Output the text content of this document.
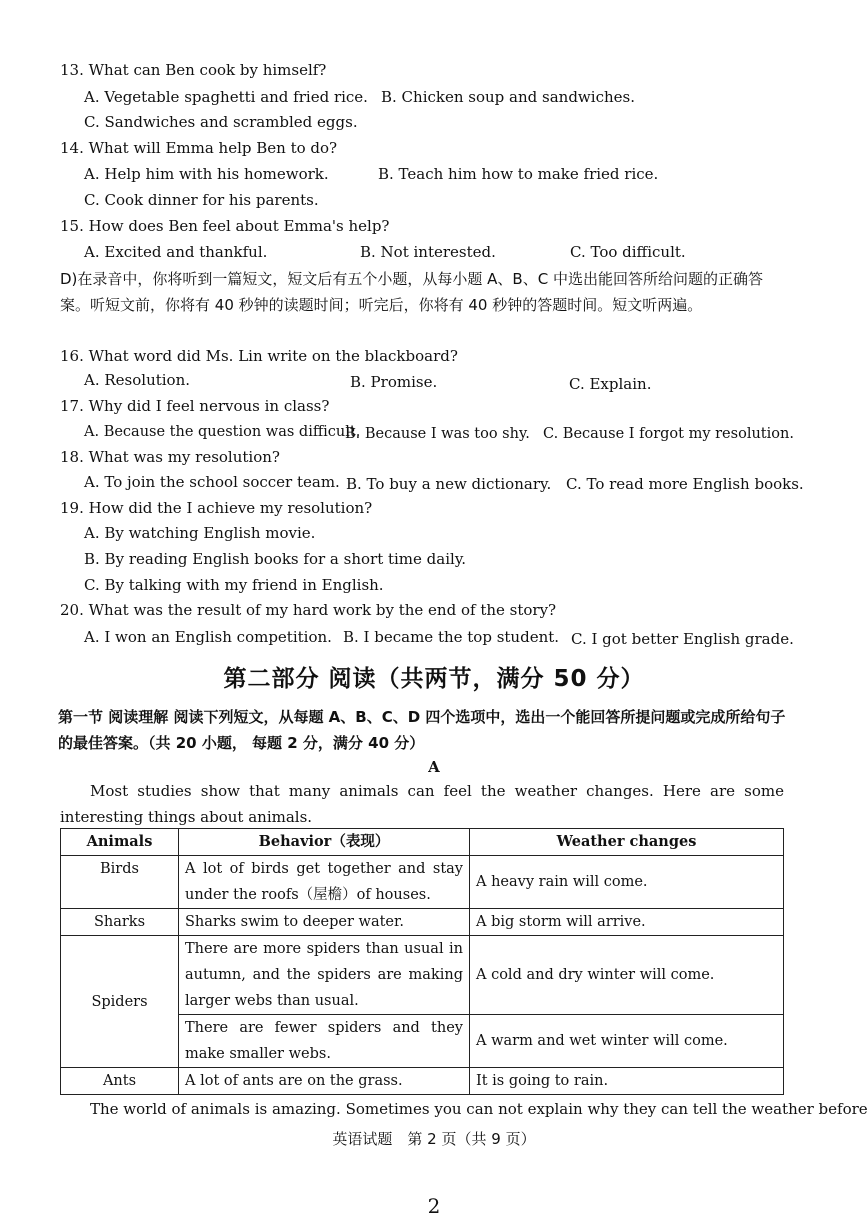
13. What can Ben cook by himself?
A. Vegetable spaghetti and fried rice. B. Chicken soup and sandwiches.
C. Sandwiches and scrambled eggs.
14. What will Emma help Ben to do?
A. Help him with his homework.	B. Teach him how to make fried rice.
C. Cook dinner for his parents.
15. How does Ben feel about Emma's help?
A. Excited and thankful.	B. Not interested.	C. Too difficult.
D)在录音中，你将听到一篇短文，短文后有五个小题，从每小题 A、B、C 中选出能回答所给问题的正确答案。听短文前，你将有 40 秒钟的读题时间；听完后，你将有 40 秒钟的答题时间。短文听两遍。
16. What word did Ms. Lin write on the blackboard?
A. Resolution.	B. Promise.	C. Explain.
17. Why did I feel nervous in class?
A. Because the question was difficult.
B. Because I was too shy. C. Because I forgot my resolution.
18. What was my resolution?
A. To join the school soccer team. B. To buy a new dictionary. C. To read more English books.
19. How did the I achieve my resolution?
A. By watching English movie.
B. By reading English books for a short time daily.
C. By talking with my friend in English.
20. What was the result of my hard work by the end of the story?
A. I won an English competition. B. I became the top student. C. I got better English grade.
第二部分 阅读（共两节，满分 50 分）
第一节 阅读理解 阅读下列短文，从每题 A、B、C、D 四个选项中，选出一个能回答所提问题或完成所给句子的最佳答案。（共 20 小题， 每题 2 分，满分 40 分）
A
Most studies show that many animals can feel the weather changes. Here are some interesting things about animals.
Animals	Behavior（表现）	Weather changes
Birds	A lot of birds get together and stay under the roofs（屋檐）of houses.	A heavy rain will come.
Sharks	Sharks swim to deeper water.	A big storm will arrive.
Spiders	There are more spiders than usual in autumn, and the spiders are making larger webs than usual.	A cold and dry winter will come.
	There are fewer spiders and they make smaller webs.	A warm and wet winter will come.
Ants	A lot of ants are on the grass.	It is going to rain.
The world of animals is amazing. Sometimes you can not explain why they can tell the weather before
英语试题　第 2 页（共 9 页）
2
